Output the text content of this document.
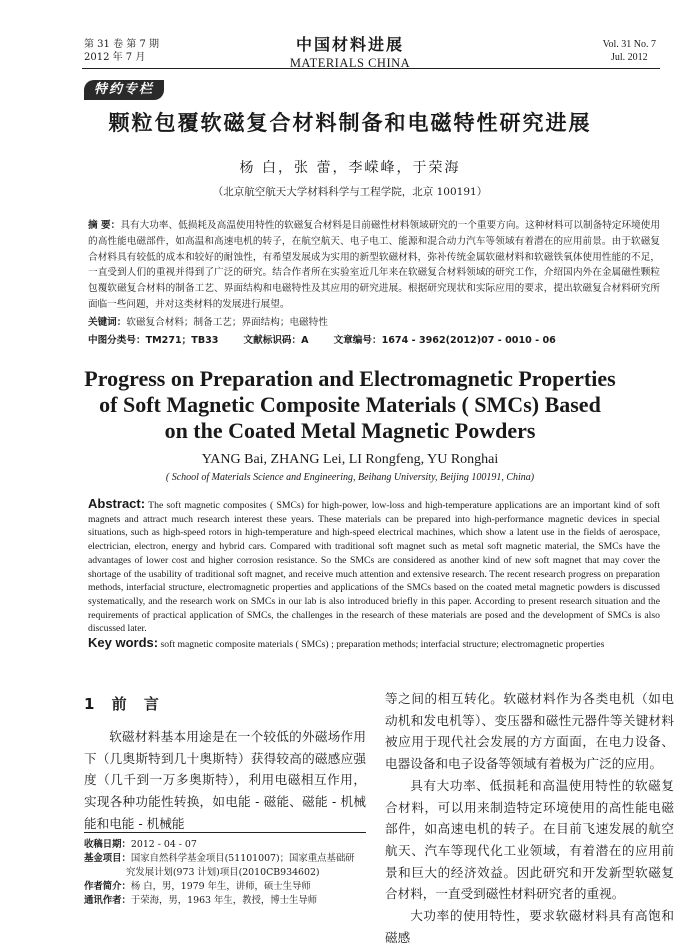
第 31 卷 第 7 期
2012 年 7 月
中国材料进展
MATERIALS CHINA
Vol. 31 No. 7
Jul. 2012
特约专栏
颗粒包覆软磁复合材料制备和电磁特性研究进展
杨 白，张 蕾，李嵘峰，于荣海
（北京航空航天大学材料科学与工程学院，北京 100191）
摘 要：具有大功率、低损耗及高温使用特性的软磁复合材料是目前磁性材料领域研究的一个重要方向。这种材料可以制备特定环境使用的高性能电磁部件，如高温和高速电机的转子，在航空航天、电子电工、能源和混合动力汽车等领域有着潜在的应用前景。由于软磁复合材料具有较低的成本和较好的耐蚀性，有希望发展成为实用的新型软磁材料，弥补传统金属软磁材料和软磁铁氧体使用性能的不足，一直受到人们的重视并得到了广泛的研究。结合作者所在实验室近几年来在软磁复合材料领域的研究工作，介绍国内外在金属磁性颗粒包覆软磁复合材料的制备工艺、界面结构和电磁特性及其应用的研究进展。根据研究现状和实际应用的要求，提出软磁复合材料研究所面临一些问题，并对这类材料的发展进行展望。
关键词：软磁复合材料；制备工艺；界面结构；电磁特性
中图分类号：TM271；TB33	文献标识码：A	文章编号：1674 - 3962(2012)07 - 0010 - 06
Progress on Preparation and Electromagnetic Properties
of Soft Magnetic Composite Materials ( SMCs) Based
on the Coated Metal Magnetic Powders
YANG Bai, ZHANG Lei, LI Rongfeng, YU Ronghai
( School of Materials Science and Engineering, Beihang University, Beijing 100191, China)
Abstract: The soft magnetic composites ( SMCs) for high-power, low-loss and high-temperature applications are an important kind of soft magnets and attract much research interest these years. These materials can be prepared into high-performance magnetic devices in special situations, such as high-speed rotors in high-temperature and high-speed electrical machines, which show a latent use in the fields of aerospace, electrician, electron, energy and hybrid cars. Compared with traditional soft magnet such as metal soft magnetic material, the SMCs have the advantages of lower cost and higher corrosion resistance. So the SMCs are considered as another kind of new soft magnet that may cover the shortage of the usability of traditional soft magnet, and receive much attention and extensive research. The recent research progress on preparation methods, interfacial structure, electromagnetic properties and applications of the SMCs based on the coated metal magnetic powders is discussed systematically, and the research work on SMCs in our lab is also introduced briefly in this paper. According to present research situation and the requirements of practical application of SMCs, the challenges in the research of these materials are posed and the development of SMCs is also discussed later.
Key words: soft magnetic composite materials ( SMCs) ; preparation methods; interfacial structure; electromagnetic properties
1 前 言

软磁材料基本用途是在一个较低的外磁场作用下（几奥斯特到几十奥斯特）获得较高的磁感应强度（几千到一万多奥斯特），利用电磁相互作用，实现各种功能性转换，如电能 - 磁能、磁能 - 机械能和电能 - 机械能

收稿日期：2012 - 04 - 07
基金项目：国家自然科学基金项目(51101007)；国家重点基础研
究发展计划(973 计划)项目(2010CB934602)
作者简介：杨 白，男，1979 年生，讲师，硕士生导师
通讯作者：于荣海，男，1963 年生，教授，博士生导师

等之间的相互转化。软磁材料作为各类电机（如电动机和发电机等）、变压器和磁性元器件等关键材料被应用于现代社会发展的方方面面，在电力设备、电器设备和电子设备等领域有着极为广泛的应用。

具有大功率、低损耗和高温使用特性的软磁复合材料，可以用来制造特定环境使用的高性能电磁部件，如高速电机的转子。在目前飞速发展的航空航天、汽车等现代化工业领域，有着潜在的应用前景和巨大的经济效益。因此研究和开发新型软磁复合材料，一直受到磁性材料研究者的重视。

大功率的使用特性，要求软磁材料具有高饱和磁感
